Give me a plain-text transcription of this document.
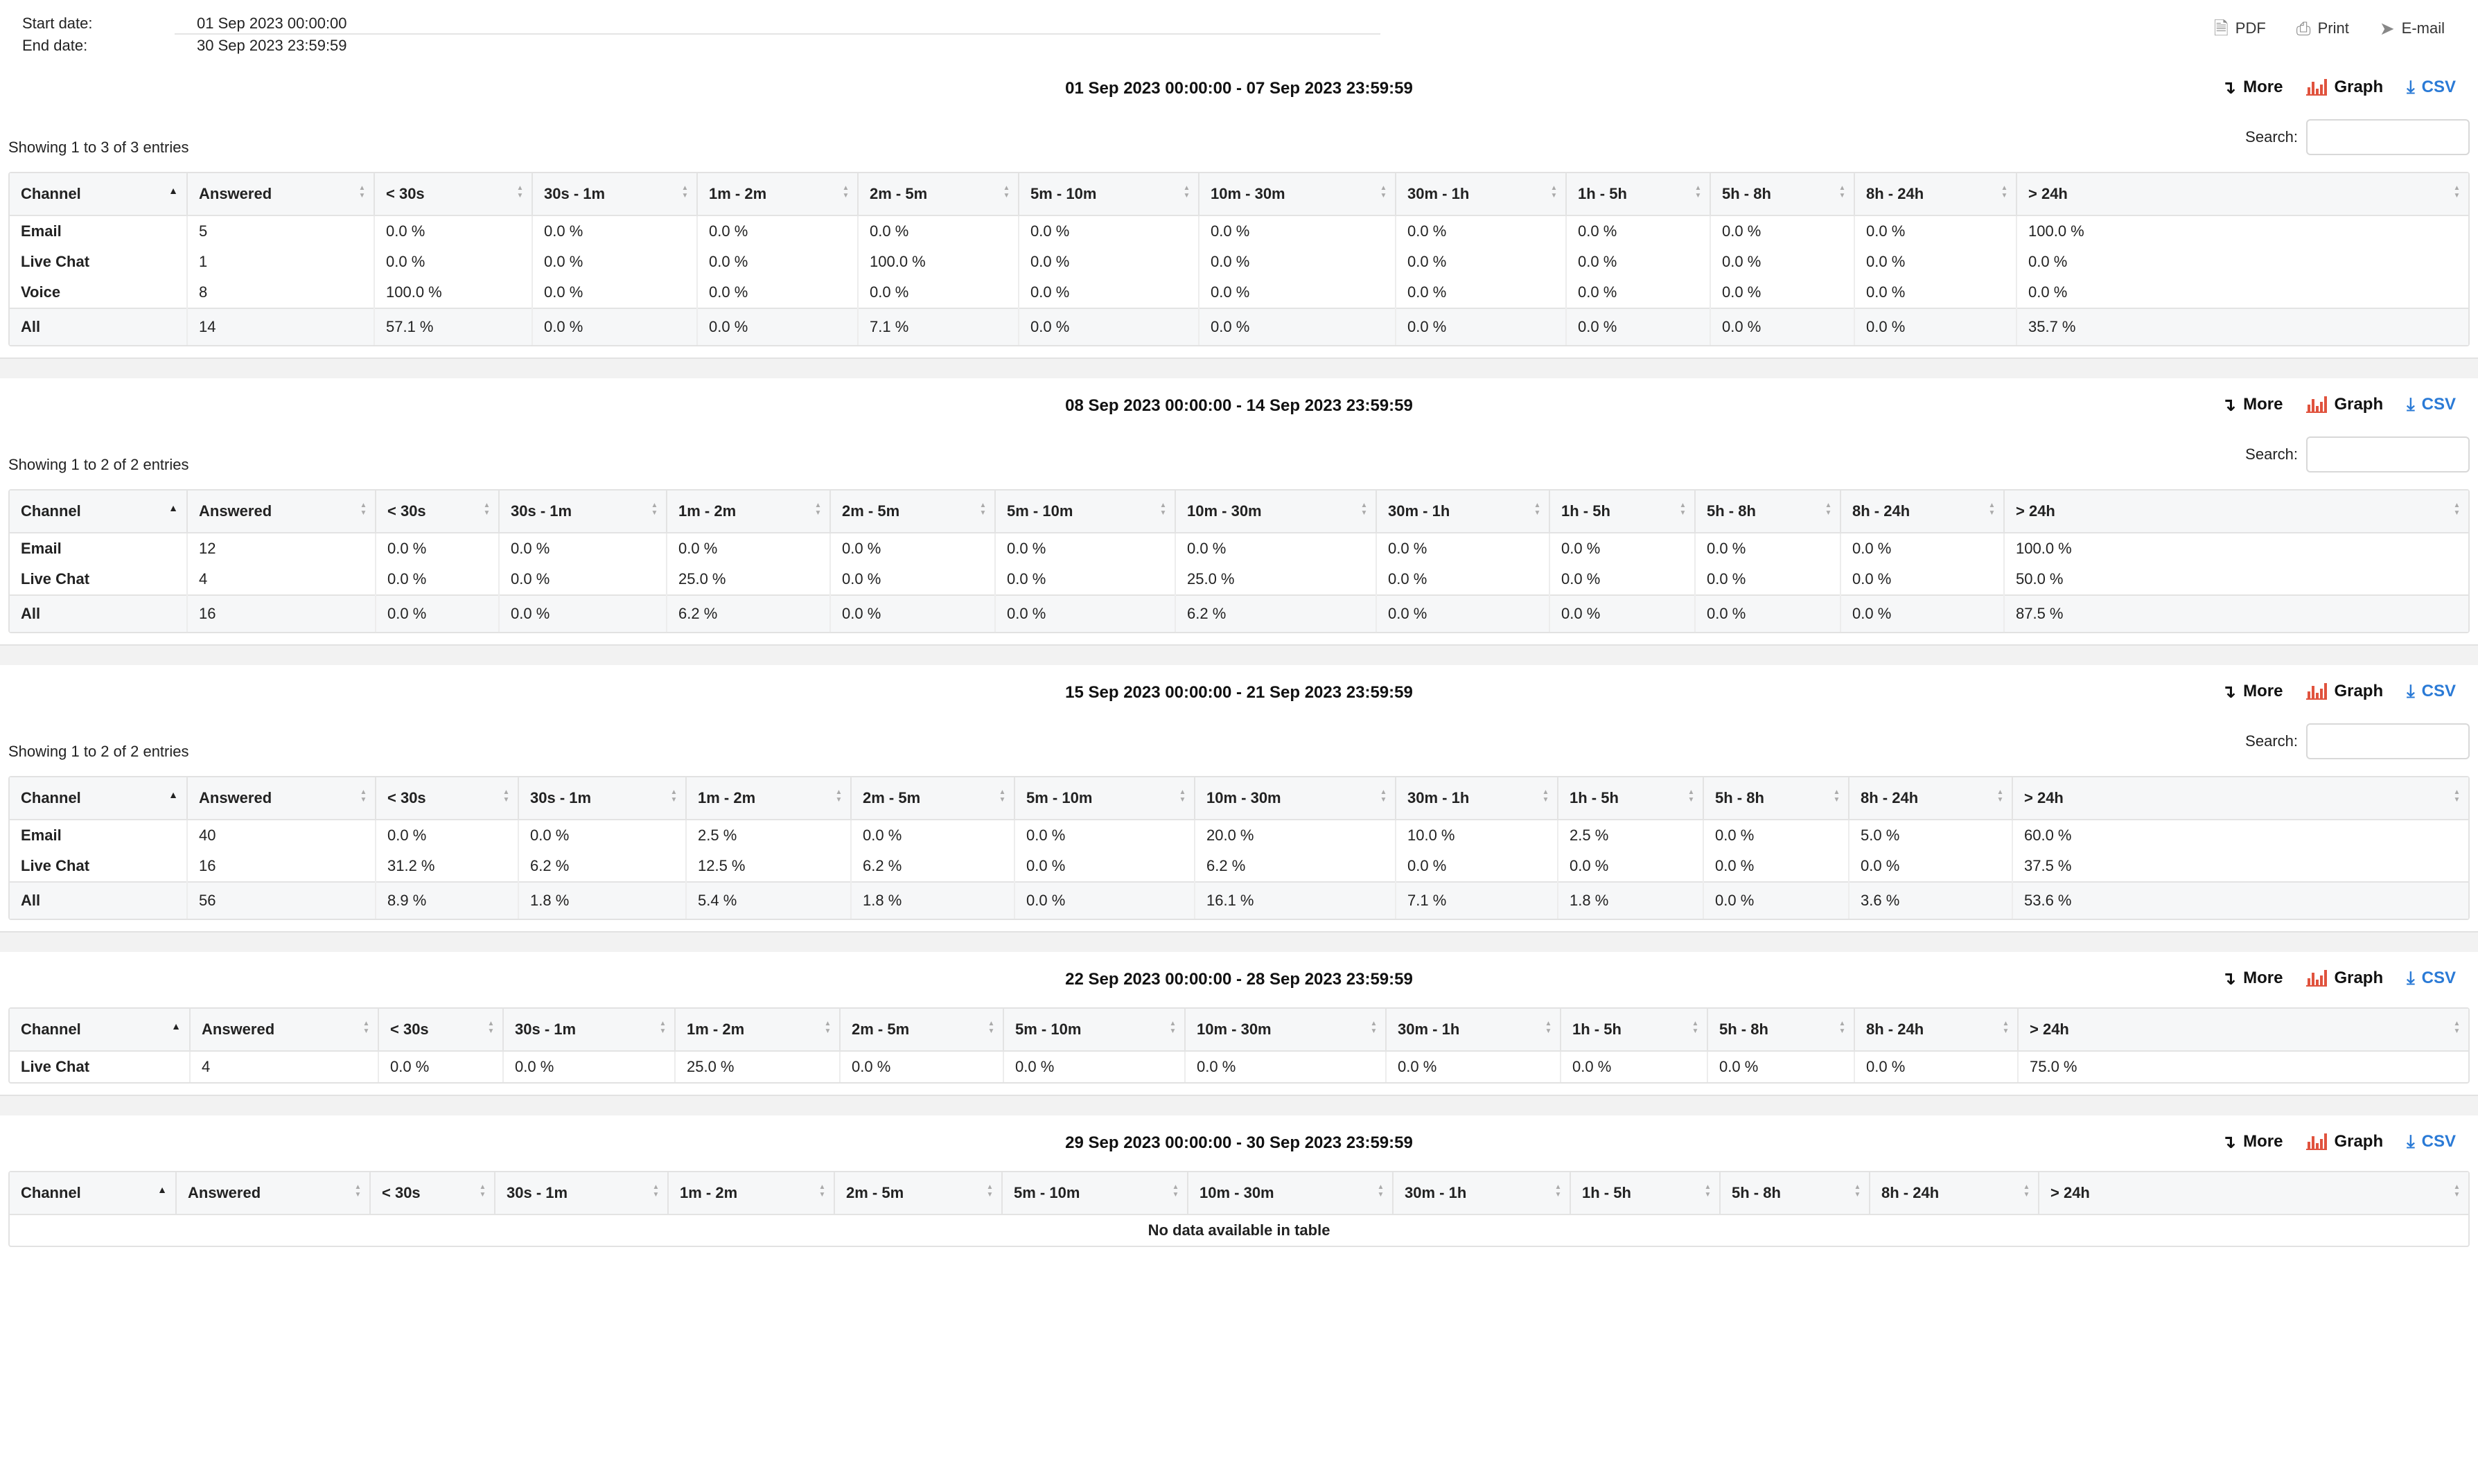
Start date:	01 Sep 2023 00:00:00
End date:	30 Sep 2023 23:59:59
🗎 PDF	⎙ Print	➤ E-mail
01 Sep 2023 00:00:00 - 07 Sep 2023 23:59:59	↴ More	Graph	⤓ CSV
Showing 1 to 3 of 3 entries
Search:
Channel ▲	Answered ▲▼	< 30s ▲▼	30s - 1m ▲▼	1m - 2m ▲▼	2m - 5m ▲▼	5m - 10m ▲▼	10m - 30m ▲▼	30m - 1h ▲▼	1h - 5h ▲▼	5h - 8h ▲▼	8h - 24h ▲▼	> 24h ▲▼

Email	5	0.0 %	0.0 %	0.0 %	0.0 %	0.0 %	0.0 %	0.0 %	0.0 %	0.0 %	0.0 %	100.0 %
Live Chat	1	0.0 %	0.0 %	0.0 %	100.0 %	0.0 %	0.0 %	0.0 %	0.0 %	0.0 %	0.0 %	0.0 %
Voice	8	100.0 %	0.0 %	0.0 %	0.0 %	0.0 %	0.0 %	0.0 %	0.0 %	0.0 %	0.0 %	0.0 %
All	14	57.1 %	0.0 %	0.0 %	7.1 %	0.0 %	0.0 %	0.0 %	0.0 %	0.0 %	0.0 %	35.7 %
08 Sep 2023 00:00:00 - 14 Sep 2023 23:59:59	↴ More	Graph	⤓ CSV
Showing 1 to 2 of 2 entries
Search:
Channel ▲	Answered ▲▼	< 30s ▲▼	30s - 1m ▲▼	1m - 2m ▲▼	2m - 5m ▲▼	5m - 10m ▲▼	10m - 30m ▲▼	30m - 1h ▲▼	1h - 5h ▲▼	5h - 8h ▲▼	8h - 24h ▲▼	> 24h ▲▼

Email	12	0.0 %	0.0 %	0.0 %	0.0 %	0.0 %	0.0 %	0.0 %	0.0 %	0.0 %	0.0 %	100.0 %
Live Chat	4	0.0 %	0.0 %	25.0 %	0.0 %	0.0 %	25.0 %	0.0 %	0.0 %	0.0 %	0.0 %	50.0 %
All	16	0.0 %	0.0 %	6.2 %	0.0 %	0.0 %	6.2 %	0.0 %	0.0 %	0.0 %	0.0 %	87.5 %
15 Sep 2023 00:00:00 - 21 Sep 2023 23:59:59	↴ More	Graph	⤓ CSV
Showing 1 to 2 of 2 entries
Search:
Channel ▲	Answered ▲▼	< 30s ▲▼	30s - 1m ▲▼	1m - 2m ▲▼	2m - 5m ▲▼	5m - 10m ▲▼	10m - 30m ▲▼	30m - 1h ▲▼	1h - 5h ▲▼	5h - 8h ▲▼	8h - 24h ▲▼	> 24h ▲▼

Email	40	0.0 %	0.0 %	2.5 %	0.0 %	0.0 %	20.0 %	10.0 %	2.5 %	0.0 %	5.0 %	60.0 %
Live Chat	16	31.2 %	6.2 %	12.5 %	6.2 %	0.0 %	6.2 %	0.0 %	0.0 %	0.0 %	0.0 %	37.5 %
All	56	8.9 %	1.8 %	5.4 %	1.8 %	0.0 %	16.1 %	7.1 %	1.8 %	0.0 %	3.6 %	53.6 %
22 Sep 2023 00:00:00 - 28 Sep 2023 23:59:59	↴ More	Graph	⤓ CSV
Channel ▲	Answered ▲▼	< 30s ▲▼	30s - 1m ▲▼	1m - 2m ▲▼	2m - 5m ▲▼	5m - 10m ▲▼	10m - 30m ▲▼	30m - 1h ▲▼	1h - 5h ▲▼	5h - 8h ▲▼	8h - 24h ▲▼	> 24h ▲▼

Live Chat	4	0.0 %	0.0 %	25.0 %	0.0 %	0.0 %	0.0 %	0.0 %	0.0 %	0.0 %	0.0 %	75.0 %
29 Sep 2023 00:00:00 - 30 Sep 2023 23:59:59	↴ More	Graph	⤓ CSV
Channel	▲	Answered	▲▼	< 30s	▲▼	30s - 1m	▲▼	1m - 2m	▲▼	2m - 5m	▲▼	5m - 10m	▲▼	10m - 30m	▲▼	30m - 1h	▲▼	1h - 5h	▲▼	5h - 8h	▲▼	8h - 24h	▲▼	> 24h	▲▼

No data available in table
